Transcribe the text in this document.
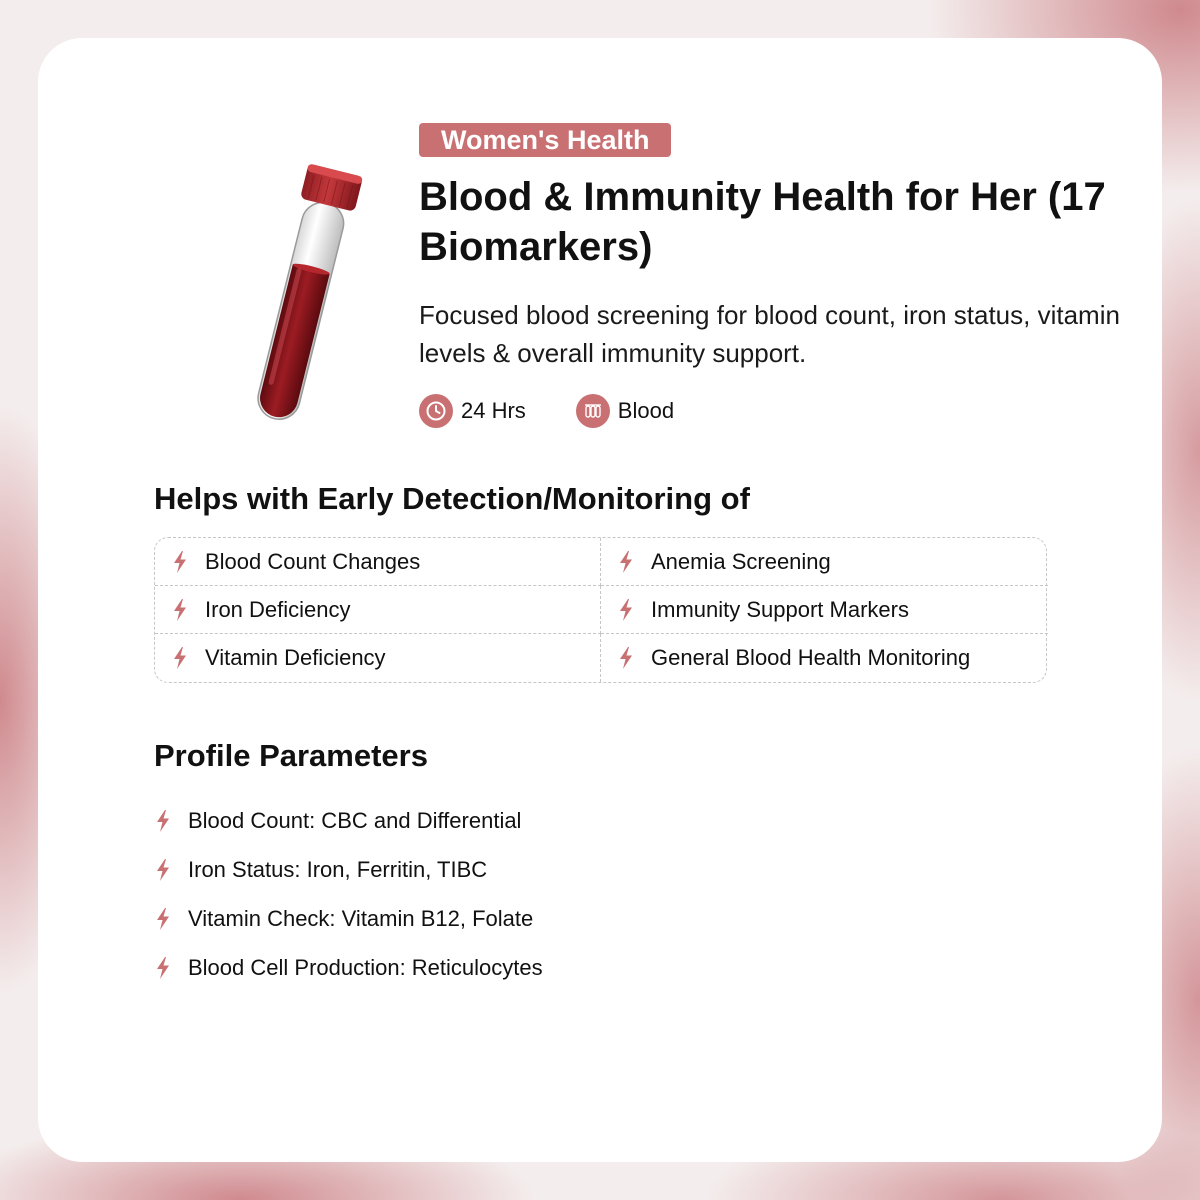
Women's Health
Blood & Immunity Health for Her (17 Biomarkers)

Focused blood screening for blood count, iron status, vitamin levels & overall immunity support.

24 Hrs	Blood
Helps with Early Detection/Monitoring of
Blood Count Changes	Anemia Screening
Iron Deficiency	Immunity Support Markers
Vitamin Deficiency	General Blood Health Monitoring
Profile Parameters
Blood Count: CBC and Differential
Iron Status: Iron, Ferritin, TIBC
Vitamin Check: Vitamin B12, Folate
Blood Cell Production: Reticulocytes
